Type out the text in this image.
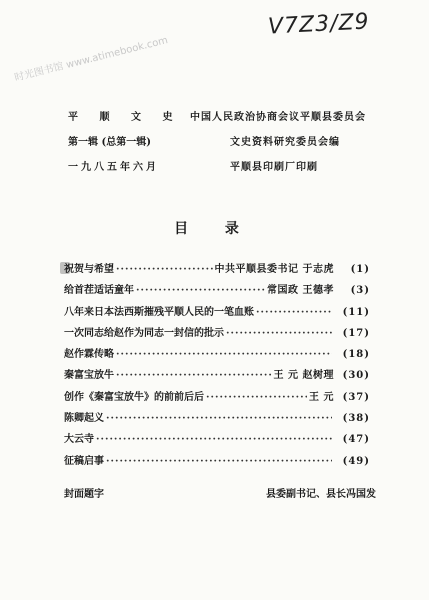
V7Z3/Z9
时光图书馆 www.atimebook.com
平 顺 文 史
第一辑 (总第一辑)
一九八五年六月
中国人民政治协商会议平顺县委员会
文史资料研究委员会编
平顺县印刷厂印刷
目 录
祝贺与希望 ·····	中共平顺县委书记 于志虎	(1)
给首茬适话童年 ·····	常国政 王德孝	(3)
八年来日本法西斯摧残平顺人民的一笔血账 ·····	(11)
一次同志给赵作为同志一封信的批示 ·····	(17)
赵作霖传略 ·····	(18)
秦富宝放牛 ·····	王 元 赵树理 (30)
创作《秦富宝放牛》的前前后后 ·····	王 元 (37)
陈卿起义 ·····	(38)
大云寺 ·····	(47)
征稿启事 ·····	(49)
封面题字	县委副书记、县长冯国发
